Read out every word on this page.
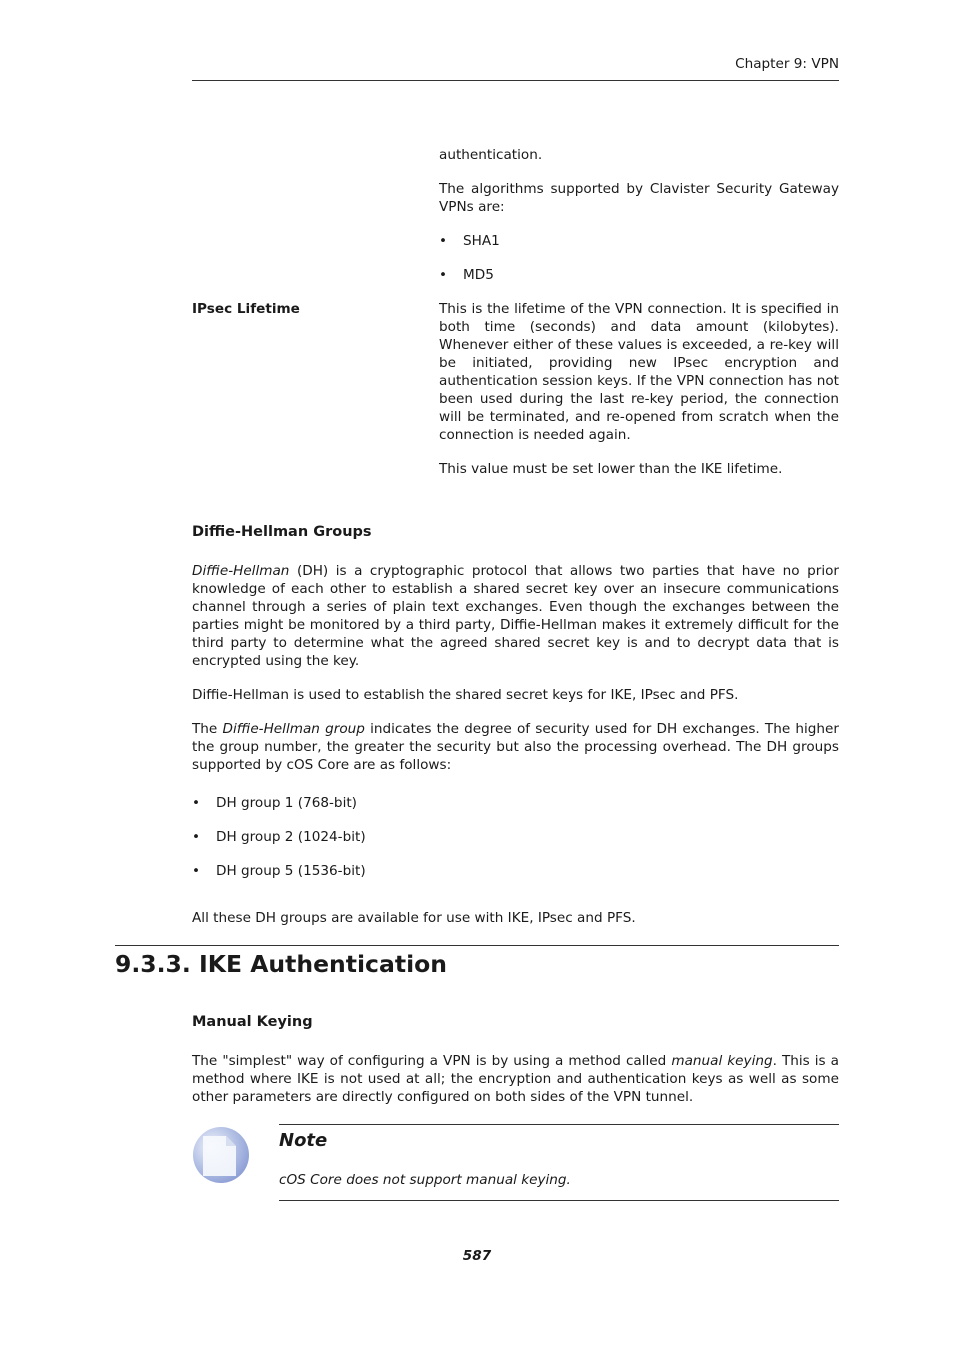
Chapter 9: VPN

authentication.

The algorithms supported by Clavister Security Gateway VPNs are:

• SHA1
• MD5

IPsec Lifetime	This is the lifetime of the VPN connection. It is specified in both time (seconds) and data amount (kilobytes). Whenever either of these values is exceeded, a re-key will be initiated, providing new IPsec encryption and authentication session keys. If the VPN connection has not been used during the last re-key period, the connection will be terminated, and re-opened from scratch when the connection is needed again.

This value must be set lower than the IKE lifetime.

Diffie-Hellman Groups

Diffie-Hellman (DH) is a cryptographic protocol that allows two parties that have no prior knowledge of each other to establish a shared secret key over an insecure communications channel through a series of plain text exchanges. Even though the exchanges between the parties might be monitored by a third party, Diffie-Hellman makes it extremely difficult for the third party to determine what the agreed shared secret key is and to decrypt data that is encrypted using the key.

Diffie-Hellman is used to establish the shared secret keys for IKE, IPsec and PFS.

The Diffie-Hellman group indicates the degree of security used for DH exchanges. The higher the group number, the greater the security but also the processing overhead. The DH groups supported by cOS Core are as follows:

• DH group 1 (768-bit)
• DH group 2 (1024-bit)
• DH group 5 (1536-bit)

All these DH groups are available for use with IKE, IPsec and PFS.

9.3.3. IKE Authentication
Manual Keying

The "simplest" way of configuring a VPN is by using a method called manual keying. This is a method where IKE is not used at all; the encryption and authentication keys as well as some other parameters are directly configured on both sides of the VPN tunnel.

Note

cOS Core does not support manual keying.

587
